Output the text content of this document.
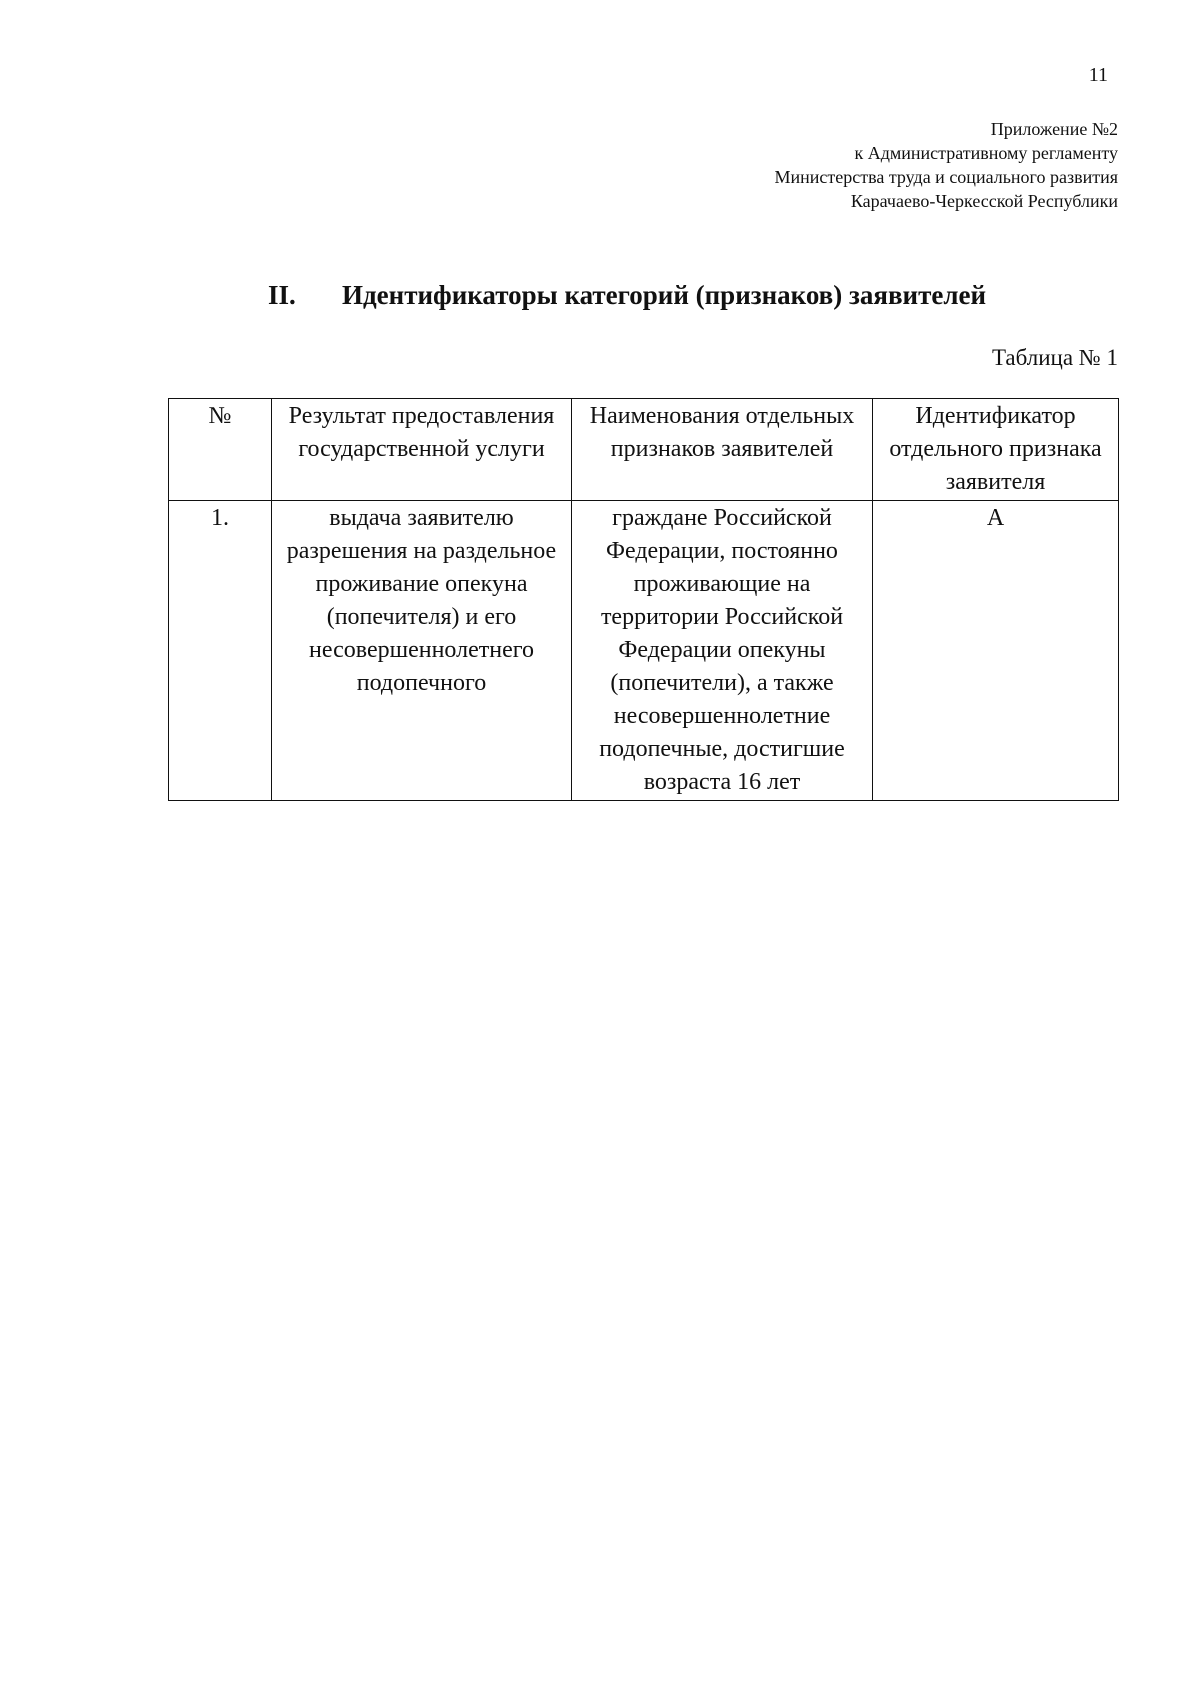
11
Приложение №2
к Административному регламенту
Министерства труда и социального развития
Карачаево-Черкесской Республики
II. Идентификаторы категорий (признаков) заявителей
Таблица № 1
№	Результат предоставления государственной услуги	Наименования отдельных признаков заявителей	Идентификатор отдельного признака заявителя
1.	выдача заявителю разрешения на раздельное проживание опекуна (попечителя) и его несовершеннолетнего подопечного	граждане Российской Федерации, постоянно проживающие на территории Российской Федерации опекуны (попечители), а также несовершеннолетние подопечные, достигшие возраста 16 лет	А
